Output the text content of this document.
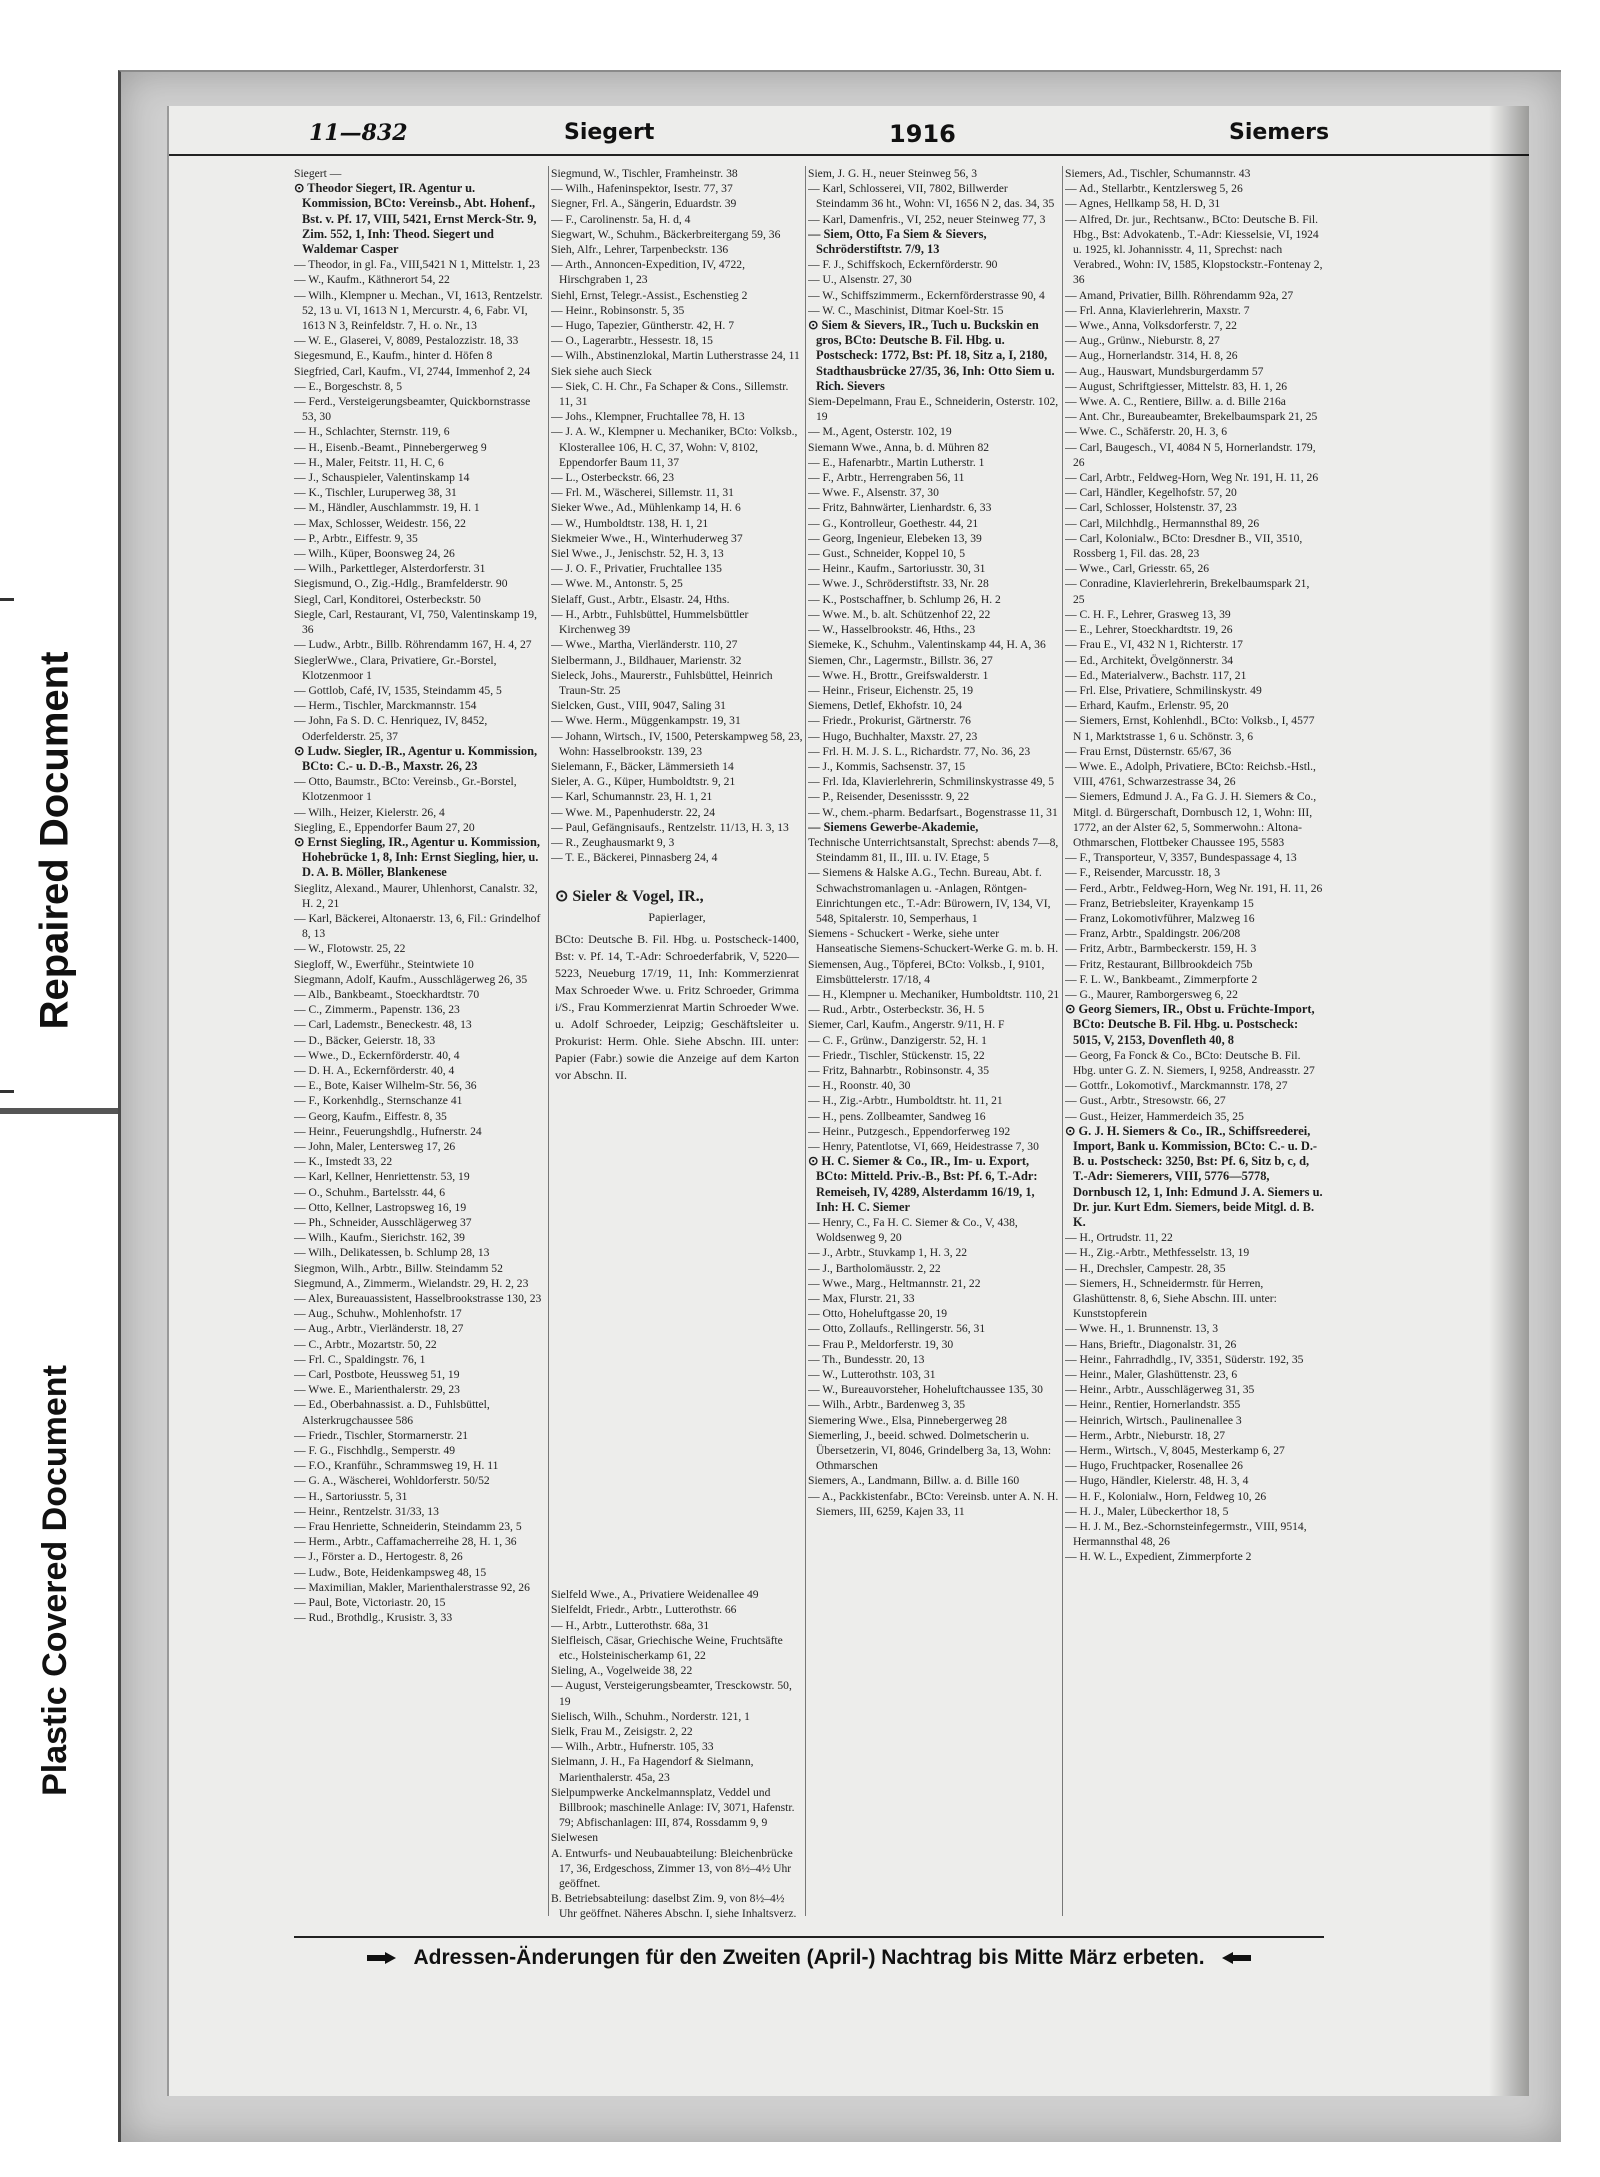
Repaired Document
Plastic Covered Document
11—832	Siegert	1916	Siemers

Siegert —

⊙ Theodor Siegert, IR. Agentur u. Kommission, BCto: Vereinsb., Abt. Hohenf., Bst. v. Pf. 17, VIII, 5421, Ernst Merck-Str. 9, Zim. 552, 1, Inh: Theod. Siegert und Waldemar Casper

— Theodor, in gl. Fa., VIII,5421 N 1, Mittelstr. 1, 23

— W., Kaufm., Käthnerort 54, 22

— Wilh., Klempner u. Mechan., VI, 1613, Rentzelstr. 52, 13 u. VI, 1613 N 1, Mercurstr. 4, 6, Fabr. VI, 1613 N 3, Reinfeldstr. 7, H. o. Nr., 13

— W. E., Glaserei, V, 8089, Pestalozzistr. 18, 33

Siegesmund, E., Kaufm., hinter d. Höfen 8

Siegfried, Carl, Kaufm., VI, 2744, Immenhof 2, 24

— E., Borgeschstr. 8, 5

— Ferd., Versteigerungsbeamter, Quickbornstrasse 53, 30

— H., Schlachter, Sternstr. 119, 6

— H., Eisenb.-Beamt., Pinnebergerweg 9

— H., Maler, Feitstr. 11, H. C, 6

— J., Schauspieler, Valentinskamp 14

— K., Tischler, Luruperweg 38, 31

— M., Händler, Auschlammstr. 19, H. 1

— Max, Schlosser, Weidestr. 156, 22

— P., Arbtr., Eiffestr. 9, 35

— Wilh., Küper, Boonsweg 24, 26

— Wilh., Parkettleger, Alsterdorferstr. 31

Siegismund, O., Zig.-Hdlg., Bramfelderstr. 90

Siegl, Carl, Konditorei, Osterbeckstr. 50

Siegle, Carl, Restaurant, VI, 750, Valentinskamp 19, 36

— Ludw., Arbtr., Billb. Röhrendamm 167, H. 4, 27

SieglerWwe., Clara, Privatiere, Gr.-Borstel, Klotzenmoor 1

— Gottlob, Café, IV, 1535, Steindamm 45, 5

— Herm., Tischler, Marckmannstr. 154

— John, Fa S. D. C. Henriquez, IV, 8452, Oderfelderstr. 25, 37

⊙ Ludw. Siegler, IR., Agentur u. Kommission, BCto: C.- u. D.-B., Maxstr. 26, 23

— Otto, Baumstr., BCto: Vereinsb., Gr.-Borstel, Klotzenmoor 1

— Wilh., Heizer, Kielerstr. 26, 4

Siegling, E., Eppendorfer Baum 27, 20

⊙ Ernst Siegling, IR., Agentur u. Kommission, Hohebrücke 1, 8, Inh: Ernst Siegling, hier, u. D. A. B. Möller, Blankenese

Sieglitz, Alexand., Maurer, Uhlenhorst, Canalstr. 32, H. 2, 21

— Karl, Bäckerei, Altonaerstr. 13, 6, Fil.: Grindelhof 8, 13

— W., Flotowstr. 25, 22

Siegloff, W., Ewerführ., Steintwiete 10

Siegmann, Adolf, Kaufm., Ausschlägerweg 26, 35

— Alb., Bankbeamt., Stoeckhardtstr. 70

— C., Zimmerm., Papenstr. 136, 23

— Carl, Lademstr., Beneckestr. 48, 13

— D., Bäcker, Geierstr. 18, 33

— Wwe., D., Eckernförderstr. 40, 4

— D. H. A., Eckernförderstr. 40, 4

— E., Bote, Kaiser Wilhelm-Str. 56, 36

— F., Korkenhdlg., Sternschanze 41

— Georg, Kaufm., Eiffestr. 8, 35

— Heinr., Feuerungshdlg., Hufnerstr. 24

— John, Maler, Lentersweg 17, 26

— K., Imstedt 33, 22

— Karl, Kellner, Henriettenstr. 53, 19

— O., Schuhm., Bartelsstr. 44, 6

— Otto, Kellner, Lastropsweg 16, 19

— Ph., Schneider, Ausschlägerweg 37

— Wilh., Kaufm., Sierichstr. 162, 39

— Wilh., Delikatessen, b. Schlump 28, 13

Siegmon, Wilh., Arbtr., Billw. Steindamm 52

Siegmund, A., Zimmerm., Wielandstr. 29, H. 2, 23

— Alex, Bureauassistent, Hasselbrookstrasse 130, 23

— Aug., Schuhw., Mohlenhofstr. 17

— Aug., Arbtr., Vierländerstr. 18, 27

— C., Arbtr., Mozartstr. 50, 22

— Frl. C., Spaldingstr. 76, 1

— Carl, Postbote, Heussweg 51, 19

— Wwe. E., Marienthalerstr. 29, 23

— Ed., Oberbahnassist. a. D., Fuhlsbüttel, Alsterkrugchaussee 586

— Friedr., Tischler, Stormarnerstr. 21

— F. G., Fischhdlg., Semperstr. 49

— F.O., Kranführ., Schrammsweg 19, H. 11

— G. A., Wäscherei, Wohldorferstr. 50/52

— H., Sartoriusstr. 5, 31

— Heinr., Rentzelstr. 31/33, 13

— Frau Henriette, Schneiderin, Steindamm 23, 5

— Herm., Arbtr., Caffamacherreihe 28, H. 1, 36

— J., Förster a. D., Hertogestr. 8, 26

— Ludw., Bote, Heidenkampsweg 48, 15

— Maximilian, Makler, Marienthalerstrasse 92, 26

— Paul, Bote, Victoriastr. 20, 15

— Rud., Brothdlg., Krusistr. 3, 33

Siegmund, W., Tischler, Framheinstr. 38

— Wilh., Hafeninspektor, Isestr. 77, 37

Siegner, Frl. A., Sängerin, Eduardstr. 39

— F., Carolinenstr. 5a, H. d, 4

Siegwart, W., Schuhm., Bäckerbreitergang 59, 36

Sieh, Alfr., Lehrer, Tarpenbeckstr. 136

— Arth., Annoncen-Expedition, IV, 4722, Hirschgraben 1, 23

Siehl, Ernst, Telegr.-Assist., Eschenstieg 2

— Heinr., Robinsonstr. 5, 35

— Hugo, Tapezier, Güntherstr. 42, H. 7

— O., Lagerarbtr., Hessestr. 18, 15

— Wilh., Abstinenzlokal, Martin Lutherstrasse 24, 11

Siek siehe auch Sieck

— Siek, C. H. Chr., Fa Schaper & Cons., Sillemstr. 11, 31

— Johs., Klempner, Fruchtallee 78, H. 13

— J. A. W., Klempner u. Mechaniker, BCto: Volksb., Klosterallee 106, H. C, 37, Wohn: V, 8102, Eppendorfer Baum 11, 37

— L., Osterbeckstr. 66, 23

— Frl. M., Wäscherei, Sillemstr. 11, 31

Sieker Wwe., Ad., Mühlenkamp 14, H. 6

— W., Humboldtstr. 138, H. 1, 21

Siekmeier Wwe., H., Winterhuderweg 37

Siel Wwe., J., Jenischstr. 52, H. 3, 13

— J. O. F., Privatier, Fruchtallee 135

— Wwe. M., Antonstr. 5, 25

Sielaff, Gust., Arbtr., Elsastr. 24, Hths.

— H., Arbtr., Fuhlsbüttel, Hummelsbüttler Kirchenweg 39

— Wwe., Martha, Vierländerstr. 110, 27

Sielbermann, J., Bildhauer, Marienstr. 32

Sieleck, Johs., Maurerstr., Fuhlsbüttel, Heinrich Traun-Str. 25

Sielcken, Gust., VIII, 9047, Saling 31

— Wwe. Herm., Müggenkampstr. 19, 31

— Johann, Wirtsch., IV, 1500, Peterskampweg 58, 23, Wohn: Hasselbrookstr. 139, 23

Sielemann, F., Bäcker, Lämmersieth 14

Sieler, A. G., Küper, Humboldtstr. 9, 21

— Karl, Schumannstr. 23, H. 1, 21

— Wwe. M., Papenhuderstr. 22, 24

— Paul, Gefängnisaufs., Rentzelstr. 11/13, H. 3, 13

— R., Zeughausmarkt 9, 3

— T. E., Bäckerei, Pinnasberg 24, 4

Sielfeld Wwe., A., Privatiere Weidenallee 49

Sielfeldt, Friedr., Arbtr., Lutterothstr. 66

— H., Arbtr., Lutterothstr. 68a, 31

Sielfleisch, Cäsar, Griechische Weine, Fruchtsäfte etc., Holsteinischerkamp 61, 22

Sieling, A., Vogelweide 38, 22

— August, Versteigerungsbeamter, Tresckowstr. 50, 19

Sielisch, Wilh., Schuhm., Norderstr. 121, 1

Sielk, Frau M., Zeisigstr. 2, 22

— Wilh., Arbtr., Hufnerstr. 105, 33

Sielmann, J. H., Fa Hagendorf & Sielmann, Marienthalerstr. 45a, 23

Sielpumpwerke Anckelmannsplatz, Veddel und Billbrook; maschinelle Anlage: IV, 3071, Hafenstr. 79; Abfischanlagen: III, 874, Rossdamm 9, 9

Sielwesen

A. Entwurfs- und Neubauabteilung: Bleichenbrücke 17, 36, Erdgeschoss, Zimmer 13, von 8½–4½ Uhr geöffnet.

B. Betriebsabteilung: daselbst Zim. 9, von 8½–4½ Uhr geöffnet. Näheres Abschn. I, siehe Inhaltsverz.

Siem, J. G. H., neuer Steinweg 56, 3

— Karl, Schlosserei, VII, 7802, Billwerder Steindamm 36 ht., Wohn: VI, 1656 N 2, das. 34, 35

— Karl, Damenfris., VI, 252, neuer Steinweg 77, 3

— Siem, Otto, Fa Siem & Sievers, Schröderstiftstr. 7/9, 13

— F. J., Schiffskoch, Eckernförderstr. 90

— U., Alsenstr. 27, 30

— W., Schiffszimmerm., Eckernförderstrasse 90, 4

— W. C., Maschinist, Ditmar Koel-Str. 15

⊙ Siem & Sievers, IR., Tuch u. Buckskin en gros, BCto: Deutsche B. Fil. Hbg. u. Postscheck: 1772, Bst: Pf. 18, Sitz a, I, 2180, Stadthausbrücke 27/35, 36, Inh: Otto Siem u. Rich. Sievers

Siem-Depelmann, Frau E., Schneiderin, Osterstr. 102, 19

— M., Agent, Osterstr. 102, 19

Siemann Wwe., Anna, b. d. Mühren 82

— E., Hafenarbtr., Martin Lutherstr. 1

— F., Arbtr., Herrengraben 56, 11

— Wwe. F., Alsenstr. 37, 30

— Fritz, Bahnwärter, Lienhardstr. 6, 33

— G., Kontrolleur, Goethestr. 44, 21

— Georg, Ingenieur, Elebeken 13, 39

— Gust., Schneider, Koppel 10, 5

— Heinr., Kaufm., Sartoriusstr. 30, 31

— Wwe. J., Schröderstiftstr. 33, Nr. 28

— K., Postschaffner, b. Schlump 26, H. 2

— Wwe. M., b. alt. Schützenhof 22, 22

— W., Hasselbrookstr. 46, Hths., 23

Siemeke, K., Schuhm., Valentinskamp 44, H. A, 36

Siemen, Chr., Lagermstr., Billstr. 36, 27

— Wwe. H., Brottr., Greifswalderstr. 1

— Heinr., Friseur, Eichenstr. 25, 19

Siemens, Detlef, Ekhofstr. 10, 24

— Friedr., Prokurist, Gärtnerstr. 76

— Hugo, Buchhalter, Maxstr. 27, 23

— Frl. H. M. J. S. L., Richardstr. 77, No. 36, 23

— J., Kommis, Sachsenstr. 37, 15

— Frl. Ida, Klavierlehrerin, Schmilinskystrasse 49, 5

— P., Reisender, Desenissstr. 9, 22

— W., chem.-pharm. Bedarfsart., Bogenstrasse 11, 31

— Siemens Gewerbe-Akademie,

Technische Unterrichtsanstalt, Sprechst: abends 7—8, Steindamm 81, II., III. u. IV. Etage, 5

— Siemens & Halske A.G., Techn. Bureau, Abt. f. Schwachstromanlagen u. -Anlagen, Röntgen-Einrichtungen etc., T.-Adr: Bürowern, IV, 134, VI, 548, Spitalerstr. 10, Semperhaus, 1

Siemens - Schuckert - Werke, siehe unter Hanseatische Siemens-Schuckert-Werke G. m. b. H.

Siemensen, Aug., Töpferei, BCto: Volksb., I, 9101, Eimsbüttelerstr. 17/18, 4

— H., Klempner u. Mechaniker, Humboldtstr. 110, 21

— Rud., Arbtr., Osterbeckstr. 36, H. 5

Siemer, Carl, Kaufm., Angerstr. 9/11, H. F

— C. F., Grünw., Danzigerstr. 52, H. 1

— Friedr., Tischler, Stückenstr. 15, 22

— Fritz, Bahnarbtr., Robinsonstr. 4, 35

— H., Roonstr. 40, 30

— H., Zig.-Arbtr., Humboldtstr. ht. 11, 21

— H., pens. Zollbeamter, Sandweg 16

— Heinr., Putzgesch., Eppendorferweg 192

— Henry, Patentlotse, VI, 669, Heidestrasse 7, 30

⊙ H. C. Siemer & Co., IR., Im- u. Export, BCto: Mitteld. Priv.-B., Bst: Pf. 6, T.-Adr: Remeiseh, IV, 4289, Alsterdamm 16/19, 1, Inh: H. C. Siemer

— Henry, C., Fa H. C. Siemer & Co., V, 438, Woldsenweg 9, 20

— J., Arbtr., Stuvkamp 1, H. 3, 22

— J., Bartholomäusstr. 2, 22

— Wwe., Marg., Heltmannstr. 21, 22

— Max, Flurstr. 21, 33

— Otto, Hoheluftgasse 20, 19

— Otto, Zollaufs., Rellingerstr. 56, 31

— Frau P., Meldorferstr. 19, 30

— Th., Bundesstr. 20, 13

— W., Lutterothstr. 103, 31

— W., Bureauvorsteher, Hoheluftchaussee 135, 30

— Wilh., Arbtr., Bardenweg 3, 35

Siemering Wwe., Elsa, Pinnebergerweg 28

Siemerling, J., beeid. schwed. Dolmetscherin u. Übersetzerin, VI, 8046, Grindelberg 3a, 13, Wohn: Othmarschen

Siemers, A., Landmann, Billw. a. d. Bille 160

— A., Packkistenfabr., BCto: Vereinsb. unter A. N. H. Siemers, III, 6259, Kajen 33, 11

Siemers, Ad., Tischler, Schumannstr. 43

— Ad., Stellarbtr., Kentzlersweg 5, 26

— Agnes, Hellkamp 58, H. D, 31

— Alfred, Dr. jur., Rechtsanw., BCto: Deutsche B. Fil. Hbg., Bst: Advokatenb., T.-Adr: Kiesselsie, VI, 1924 u. 1925, kl. Johannisstr. 4, 11, Sprechst: nach Verabred., Wohn: IV, 1585, Klopstockstr.-Fontenay 2, 36

— Amand, Privatier, Billh. Röhrendamm 92a, 27

— Frl. Anna, Klavierlehrerin, Maxstr. 7

— Wwe., Anna, Volksdorferstr. 7, 22

— Aug., Grünw., Nieburstr. 8, 27

— Aug., Hornerlandstr. 314, H. 8, 26

— Aug., Hauswart, Mundsburgerdamm 57

— August, Schriftgiesser, Mittelstr. 83, H. 1, 26

— Wwe. A. C., Rentiere, Billw. a. d. Bille 216a

— Ant. Chr., Bureaubeamter, Brekelbaumspark 21, 25

— Wwe. C., Schäferstr. 20, H. 3, 6

— Carl, Baugesch., VI, 4084 N 5, Hornerlandstr. 179, 26

— Carl, Arbtr., Feldweg-Horn, Weg Nr. 191, H. 11, 26

— Carl, Händler, Kegelhofstr. 57, 20

— Carl, Schlosser, Holstenstr. 37, 23

— Carl, Milchhdlg., Hermannsthal 89, 26

— Carl, Kolonialw., BCto: Dresdner B., VII, 3510, Rossberg 1, Fil. das. 28, 23

— Wwe., Carl, Griesstr. 65, 26

— Conradine, Klavierlehrerin, Brekelbaumspark 21, 25

— C. H. F., Lehrer, Grasweg 13, 39

— E., Lehrer, Stoeckhardtstr. 19, 26

— Frau E., VI, 432 N 1, Richterstr. 17

— Ed., Architekt, Övelgönnerstr. 34

— Ed., Materialverw., Bachstr. 117, 21

— Frl. Else, Privatiere, Schmilinskystr. 49

— Erhard, Kaufm., Erlenstr. 95, 20

— Siemers, Ernst, Kohlenhdl., BCto: Volksb., I, 4577 N 1, Marktstrasse 1, 6 u. Schönstr. 3, 6

— Frau Ernst, Düsternstr. 65/67, 36

— Wwe. E., Adolph, Privatiere, BCto: Reichsb.-Hstl., VIII, 4761, Schwarzestrasse 34, 26

— Siemers, Edmund J. A., Fa G. J. H. Siemers & Co., Mitgl. d. Bürgerschaft, Dornbusch 12, 1, Wohn: III, 1772, an der Alster 62, 5, Sommerwohn.: Altona-Othmarschen, Flottbeker Chaussee 195, 5583

— F., Transporteur, V, 3357, Bundespassage 4, 13

— F., Reisender, Marcusstr. 18, 3

— Ferd., Arbtr., Feldweg-Horn, Weg Nr. 191, H. 11, 26

— Franz, Betriebsleiter, Krayenkamp 15

— Franz, Lokomotivführer, Malzweg 16

— Franz, Arbtr., Spaldingstr. 206/208

— Fritz, Arbtr., Barmbeckerstr. 159, H. 3

— Fritz, Restaurant, Billbrookdeich 75b

— F. L. W., Bankbeamt., Zimmerpforte 2

— G., Maurer, Ramborgersweg 6, 22

⊙ Georg Siemers, IR., Obst u. Früchte-Import, BCto: Deutsche B. Fil. Hbg. u. Postscheck: 5015, V, 2153, Dovenfleth 40, 8

— Georg, Fa Fonck & Co., BCto: Deutsche B. Fil. Hbg. unter G. Z. N. Siemers, I, 9258, Andreasstr. 27

— Gottfr., Lokomotivf., Marckmannstr. 178, 27

— Gust., Arbtr., Stresowstr. 66, 27

— Gust., Heizer, Hammerdeich 35, 25

⊙ G. J. H. Siemers & Co., IR., Schiffsreederei, Import, Bank u. Kommission, BCto: C.- u. D.-B. u. Postscheck: 3250, Bst: Pf. 6, Sitz b, c, d, T.-Adr: Siemerers, VIII, 5776—5778, Dornbusch 12, 1, Inh: Edmund J. A. Siemers u. Dr. jur. Kurt Edm. Siemers, beide Mitgl. d. B. K.

— H., Ortrudstr. 11, 22

— H., Zig.-Arbtr., Methfesselstr. 13, 19

— H., Drechsler, Campestr. 28, 35

— Siemers, H., Schneidermstr. für Herren, Glashüttenstr. 8, 6, Siehe Abschn. III. unter: Kunststopferein

— Wwe. H., 1. Brunnenstr. 13, 3

— Hans, Brieftr., Diagonalstr. 31, 26

— Heinr., Fahrradhdlg., IV, 3351, Süderstr. 192, 35

— Heinr., Maler, Glashüttenstr. 23, 6

— Heinr., Arbtr., Ausschlägerweg 31, 35

— Heinr., Rentier, Hornerlandstr. 355

— Heinrich, Wirtsch., Paulinenallee 3

— Herm., Arbtr., Nieburstr. 18, 27

— Herm., Wirtsch., V, 8045, Mesterkamp 6, 27

— Hugo, Fruchtpacker, Rosenallee 26

— Hugo, Händler, Kielerstr. 48, H. 3, 4

— H. F., Kolonialw., Horn, Feldweg 10, 26

— H. J., Maler, Lübeckerthor 18, 5

— H. J. M., Bez.-Schornsteinfegermstr., VIII, 9514, Hermannsthal 48, 26

— H. W. L., Expedient, Zimmerpforte 2

⊙ Sieler & Vogel, IR.,
Papierlager,
BCto: Deutsche B. Fil. Hbg. u. Postscheck-1400, Bst: v. Pf. 14, T.-Adr: Schroederfabrik, V, 5220—5223, Neueburg 17/19, 11, Inh: Kommerzienrat Max Schroeder Wwe. u. Fritz Schroeder, Grimma i/S., Frau Kommerzienrat Martin Schroeder Wwe. u. Adolf Schroeder, Leipzig; Geschäftsleiter u. Prokurist: Herm. Ohle. Siehe Abschn. III. unter: Papier (Fabr.) sowie die Anzeige auf dem Karton vor Abschn. II.
Adressen-Änderungen für den Zweiten (April-) Nachtrag bis Mitte März erbeten.
